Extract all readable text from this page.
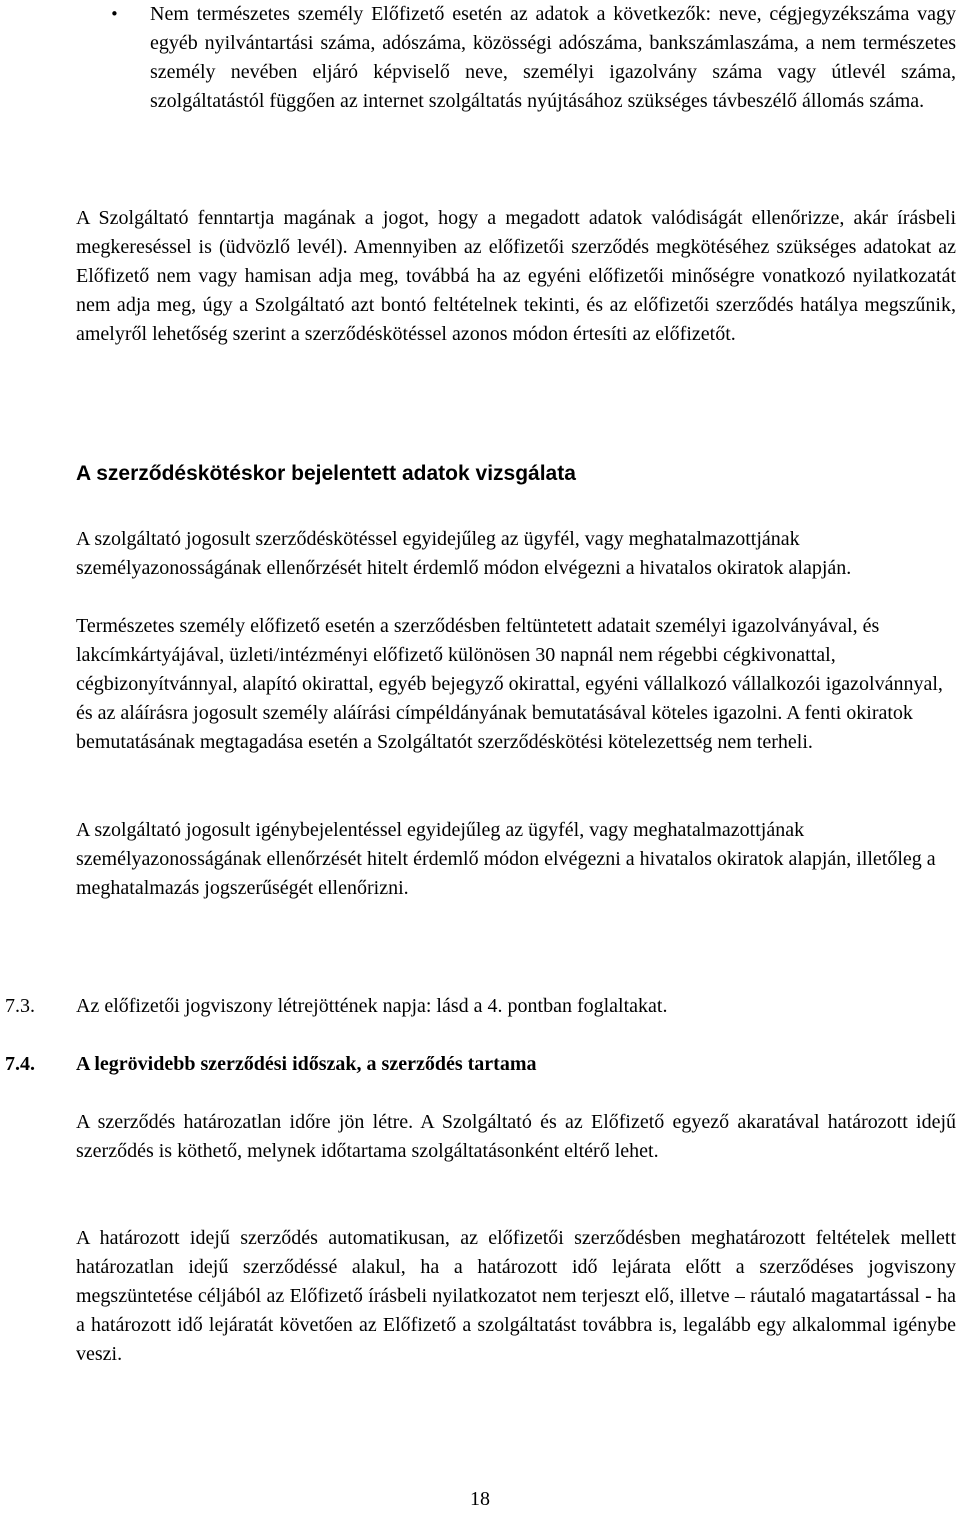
• Nem természetes személy Előfizető esetén az adatok a következők: neve, cégjegyzékszáma vagy egyéb nyilvántartási száma, adószáma, közösségi adószáma, bankszámlaszáma, a nem természetes személy nevében eljáró képviselő neve, személyi igazolvány száma vagy útlevél száma, szolgáltatástól függően az internet szolgáltatás nyújtásához szükséges távbeszélő állomás száma.

A Szolgáltató fenntartja magának a jogot, hogy a megadott adatok valódiságát ellenőrizze, akár írásbeli megkereséssel is (üdvözlő levél). Amennyiben az előfizetői szerződés megkötéséhez szükséges adatokat az Előfizető nem vagy hamisan adja meg, továbbá ha az egyéni előfizetői minőségre vonatkozó nyilatkozatát nem adja meg, úgy a Szolgáltató azt bontó feltételnek tekinti, és az előfizetői szerződés hatálya megszűnik, amelyről lehetőség szerint a szerződéskötéssel azonos módon értesíti az előfizetőt.

A szerződéskötéskor bejelentett adatok vizsgálata

A szolgáltató jogosult szerződéskötéssel egyidejűleg az ügyfél, vagy meghatalmazottjának személyazonosságának ellenőrzését hitelt érdemlő módon elvégezni a hivatalos okiratok alapján.

Természetes személy előfizető esetén a szerződésben feltüntetett adatait személyi igazolványával, és lakcímkártyájával, üzleti/intézményi előfizető különösen 30 napnál nem régebbi cégkivonattal, cégbizonyítvánnyal, alapító okirattal, egyéb bejegyző okirattal, egyéni vállalkozó vállalkozói igazolvánnyal, és az aláírásra jogosult személy aláírási címpéldányának bemutatásával köteles igazolni. A fenti okiratok bemutatásának megtagadása esetén a Szolgáltatót szerződéskötési kötelezettség nem terheli.

A szolgáltató jogosult igénybejelentéssel egyidejűleg az ügyfél, vagy meghatalmazottjának személyazonosságának ellenőrzését hitelt érdemlő módon elvégezni a hivatalos okiratok alapján, illetőleg a meghatalmazás jogszerűségét ellenőrizni.

7.3. Az előfizetői jogviszony létrejöttének napja: lásd a 4. pontban foglaltakat.
7.4. A legrövidebb szerződési időszak, a szerződés tartama

A szerződés határozatlan időre jön létre. A Szolgáltató és az Előfizető egyező akaratával határozott idejű szerződés is köthető, melynek időtartama szolgáltatásonként eltérő lehet.

A határozott idejű szerződés automatikusan, az előfizetői szerződésben meghatározott feltételek mellett határozatlan idejű szerződéssé alakul, ha a határozott idő lejárata előtt a szerződéses jogviszony megszüntetése céljából az Előfizető írásbeli nyilatkozatot nem terjeszt elő, illetve – ráutaló magatartással - ha a határozott idő lejáratát követően az Előfizető a szolgáltatást továbbra is, legalább egy alkalommal igénybe veszi.

18
